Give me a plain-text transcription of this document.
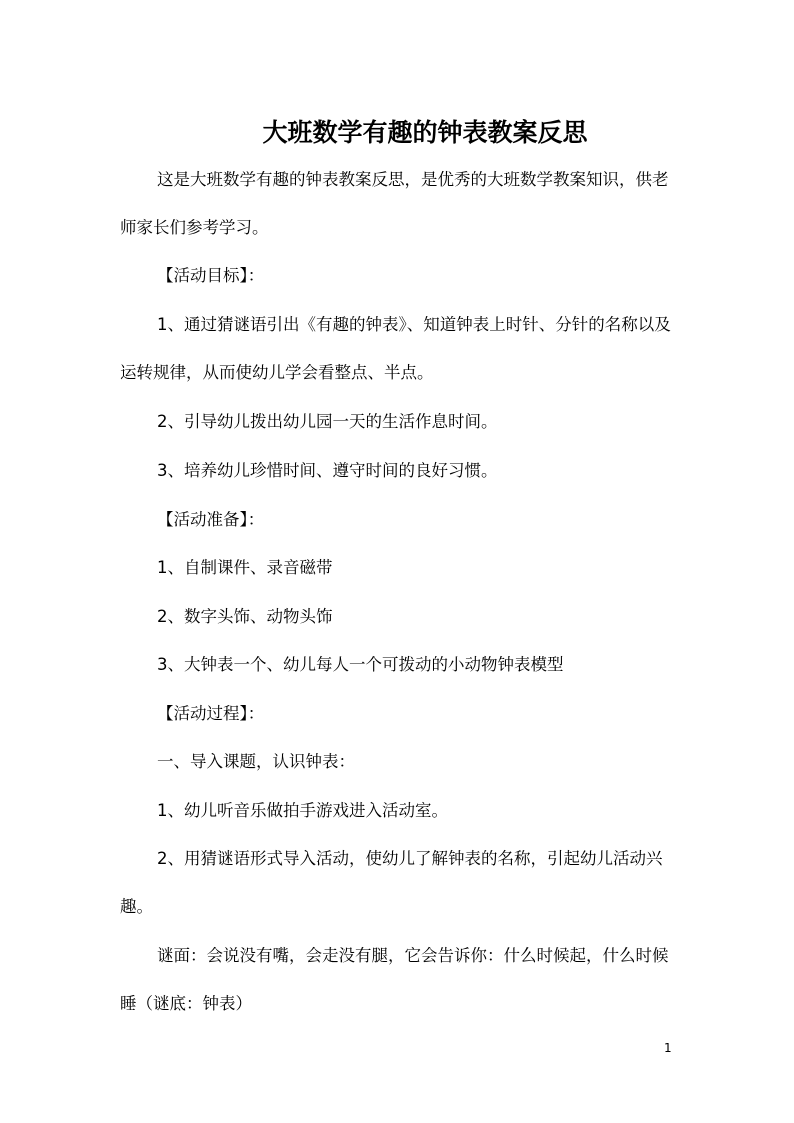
大班数学有趣的钟表教案反思

这是大班数学有趣的钟表教案反思，是优秀的大班数学教案知识，供老师家长们参考学习。

【活动目标】：

1、通过猜谜语引出《有趣的钟表》、知道钟表上时针、分针的名称以及运转规律，从而使幼儿学会看整点、半点。

2、引导幼儿拨出幼儿园一天的生活作息时间。

3、培养幼儿珍惜时间、遵守时间的良好习惯。

【活动准备】：

1、自制课件、录音磁带

2、数字头饰、动物头饰

3、大钟表一个、幼儿每人一个可拨动的小动物钟表模型

【活动过程】：

一、导入课题，认识钟表：

1、幼儿听音乐做拍手游戏进入活动室。

2、用猜谜语形式导入活动，使幼儿了解钟表的名称，引起幼儿活动兴趣。

谜面：会说没有嘴，会走没有腿，它会告诉你：什么时候起，什么时候睡（谜底：钟表）

1
